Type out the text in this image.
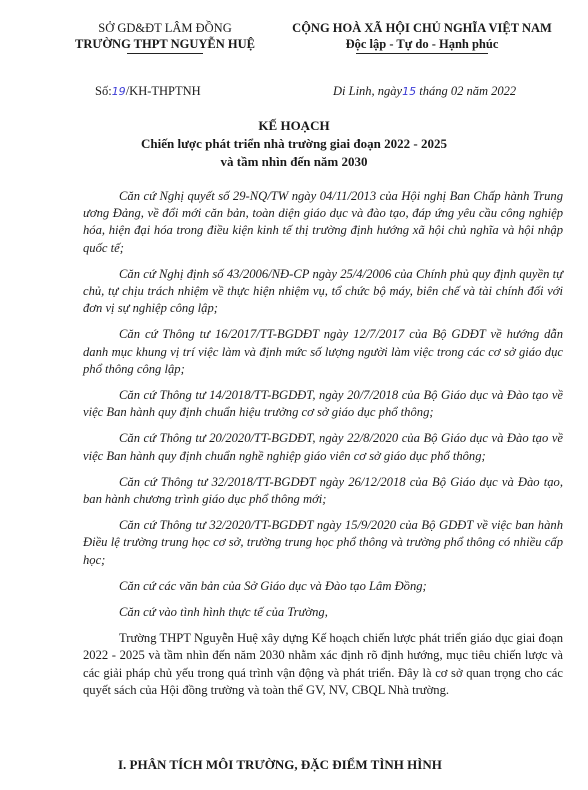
SỞ GD&ĐT LÂM ĐỒNG
TRƯỜNG THPT NGUYỄN HUỆ
CỘNG HOÀ XÃ HỘI CHỦ NGHĨA VIỆT NAM
Độc lập - Tự do - Hạnh phúc
Số:19/KH-THPTNH	Di Linh, ngày15 tháng 02 năm 2022
KẾ HOẠCH
Chiến lược phát triển nhà trường giai đoạn 2022 - 2025
và tầm nhìn đến năm 2030

Căn cứ Nghị quyết số 29-NQ/TW ngày 04/11/2013 của Hội nghị Ban Chấp hành Trung ương Đảng, về đổi mới căn bản, toàn diện giáo dục và đào tạo, đáp ứng yêu cầu công nghiệp hóa, hiện đại hóa trong điều kiện kinh tế thị trường định hướng xã hội chủ nghĩa và hội nhập quốc tế;

Căn cứ Nghị định số 43/2006/NĐ-CP ngày 25/4/2006 của Chính phủ quy định quyền tự chủ, tự chịu trách nhiệm về thực hiện nhiệm vụ, tổ chức bộ máy, biên chế và tài chính đối với đơn vị sự nghiệp công lập;

Căn cứ Thông tư 16/2017/TT-BGDĐT ngày 12/7/2017 của Bộ GDĐT về hướng dẫn danh mục khung vị trí việc làm và định mức số lượng người làm việc trong các cơ sở giáo dục phổ thông công lập;

Căn cứ Thông tư 14/2018/TT-BGDĐT, ngày 20/7/2018 của Bộ Giáo dục và Đào tạo về việc Ban hành quy định chuẩn hiệu trưởng cơ sở giáo dục phổ thông;

Căn cứ Thông tư 20/2020/TT-BGDĐT, ngày 22/8/2020 của Bộ Giáo dục và Đào tạo về việc Ban hành quy định chuẩn nghề nghiệp giáo viên cơ sở giáo dục phổ thông;

Căn cứ Thông tư 32/2018/TT-BGDĐT ngày 26/12/2018 của Bộ Giáo dục và Đào tạo, ban hành chương trình giáo dục phổ thông mới;

Căn cứ Thông tư 32/2020/TT-BGDĐT ngày 15/9/2020 của Bộ GDĐT về việc ban hành Điều lệ trường trung học cơ sở, trường trung học phổ thông và trường phổ thông có nhiều cấp học;

Căn cứ các văn bản của Sở Giáo dục và Đào tạo Lâm Đồng;

Căn cứ vào tình hình thực tế của Trường,

Trường THPT Nguyễn Huệ xây dựng Kế hoạch chiến lược phát triển giáo dục giai đoạn 2022 - 2025 và tầm nhìn đến năm 2030 nhằm xác định rõ định hướng, mục tiêu chiến lược và các giải pháp chủ yếu trong quá trình vận động và phát triển. Đây là cơ sở quan trọng cho các quyết sách của Hội đồng trường và toàn thể GV, NV, CBQL Nhà trường.

I. PHÂN TÍCH MÔI TRƯỜNG, ĐẶC ĐIỂM TÌNH HÌNH
